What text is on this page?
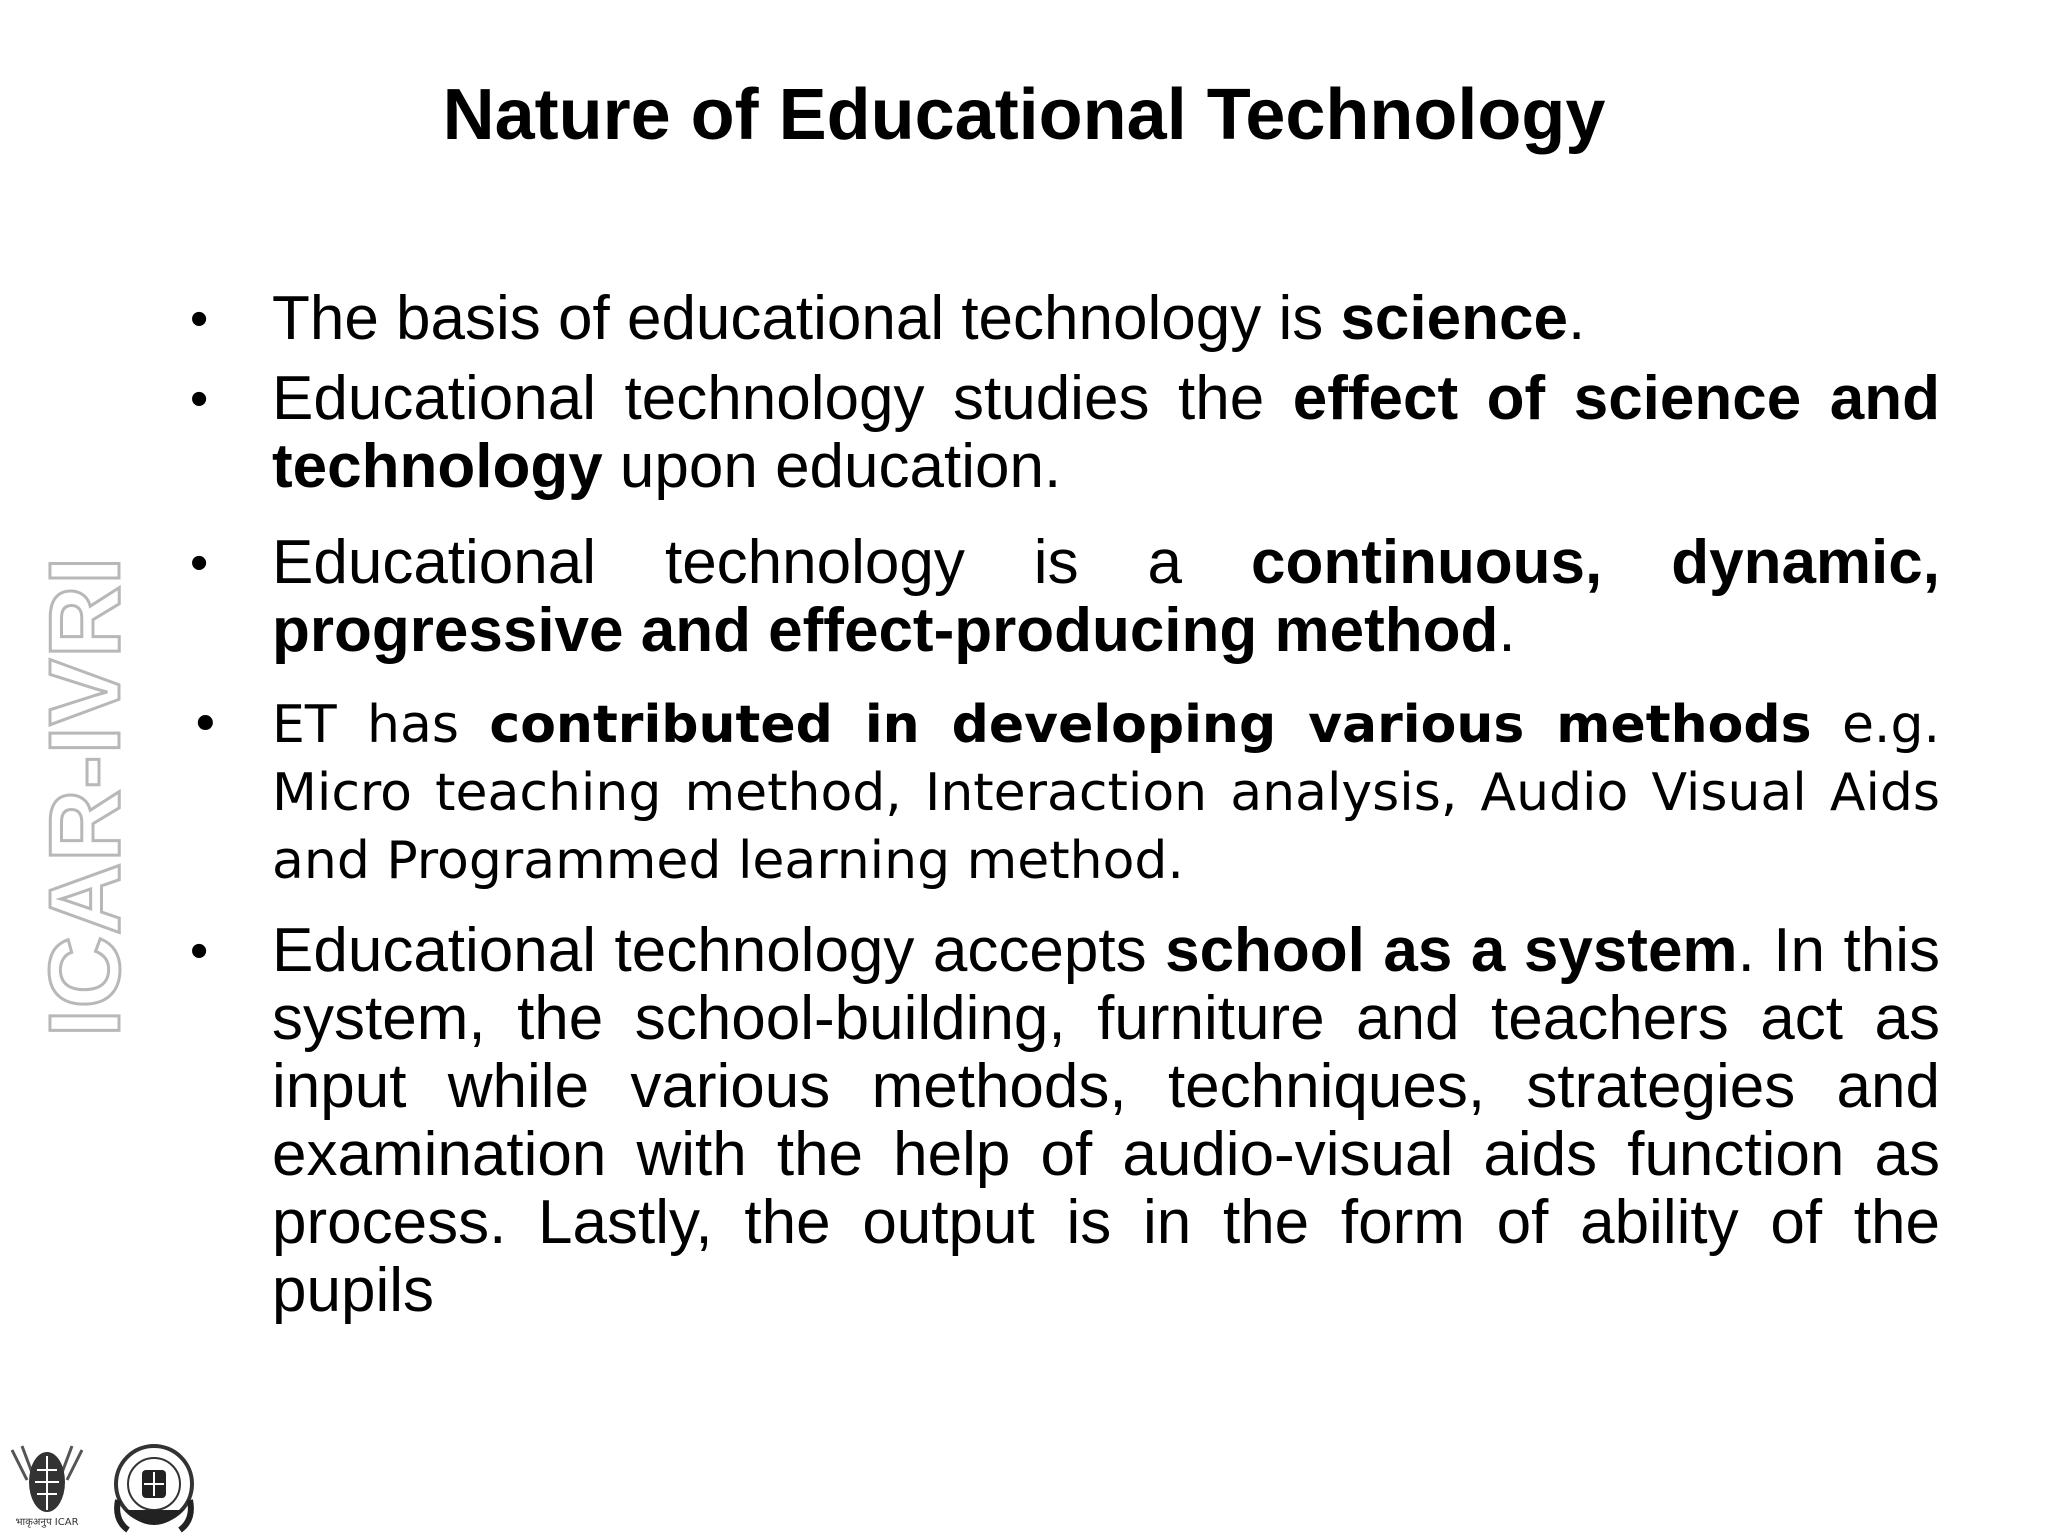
Nature of Educational Technology
ICAR-IVRI
• The basis of educational technology is science.
• Educational technology studies the effect of science and technology upon education.
• Educational technology is a continuous, dynamic, progressive and effect-producing method.
• ET has contributed in developing various methods e.g. Micro teaching method, Interaction analysis, Audio Visual Aids and Programmed learning method.
• Educational technology accepts school as a system. In this system, the school-building, furniture and teachers act as input while various methods, techniques, strategies and examination with the help of audio-visual aids function as process. Lastly, the output is in the form of ability of the pupils
भाकृअनुप ICAR
